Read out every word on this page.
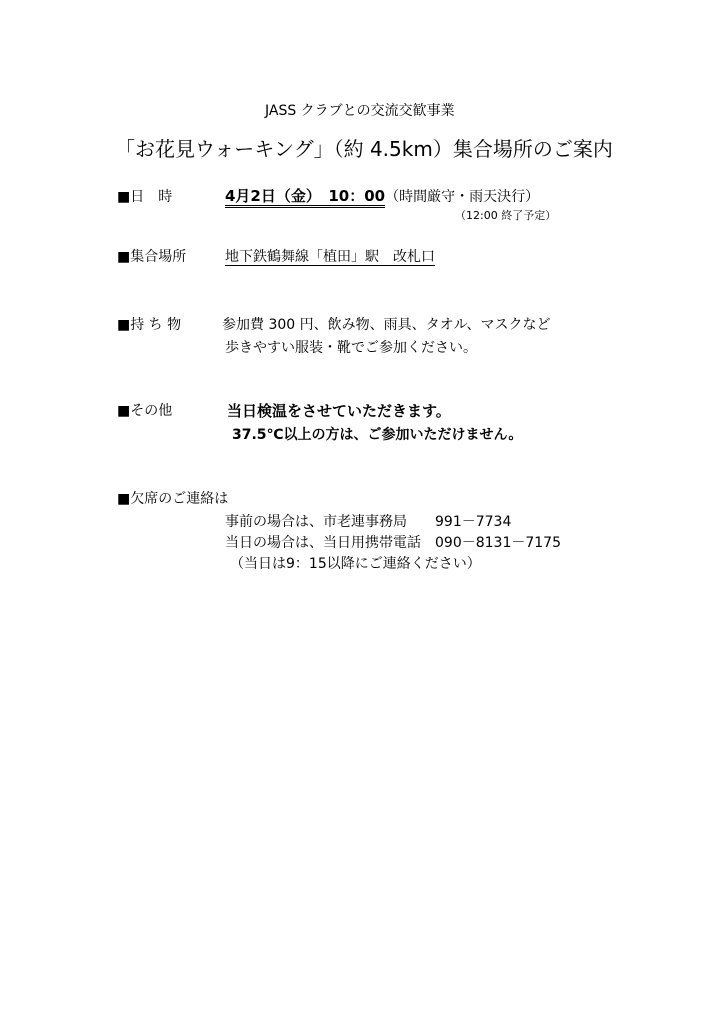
JASS クラブとの交流交歓事業
「お花見ウォーキング」（約 4.5km）集合場所のご案内
■日　時	4月2日（金）　10：00（時間厳守・雨天決行）
（12:00 終了予定）
■集合場所	地下鉄鶴舞線「植田」駅　改札口
■持 ち 物	参加費 300 円、飲み物、雨具、タオル、マスクなど
歩きやすい服装・靴でご参加ください。
■その他	当日検温をさせていただきます。
37.5℃以上の方は、ご参加いただけません。
■欠席のご連絡は
事前の場合は、市老連事務局　　991－7734
当日の場合は、当日用携帯電話　090－8131－7175
（当日は9：15以降にご連絡ください）
